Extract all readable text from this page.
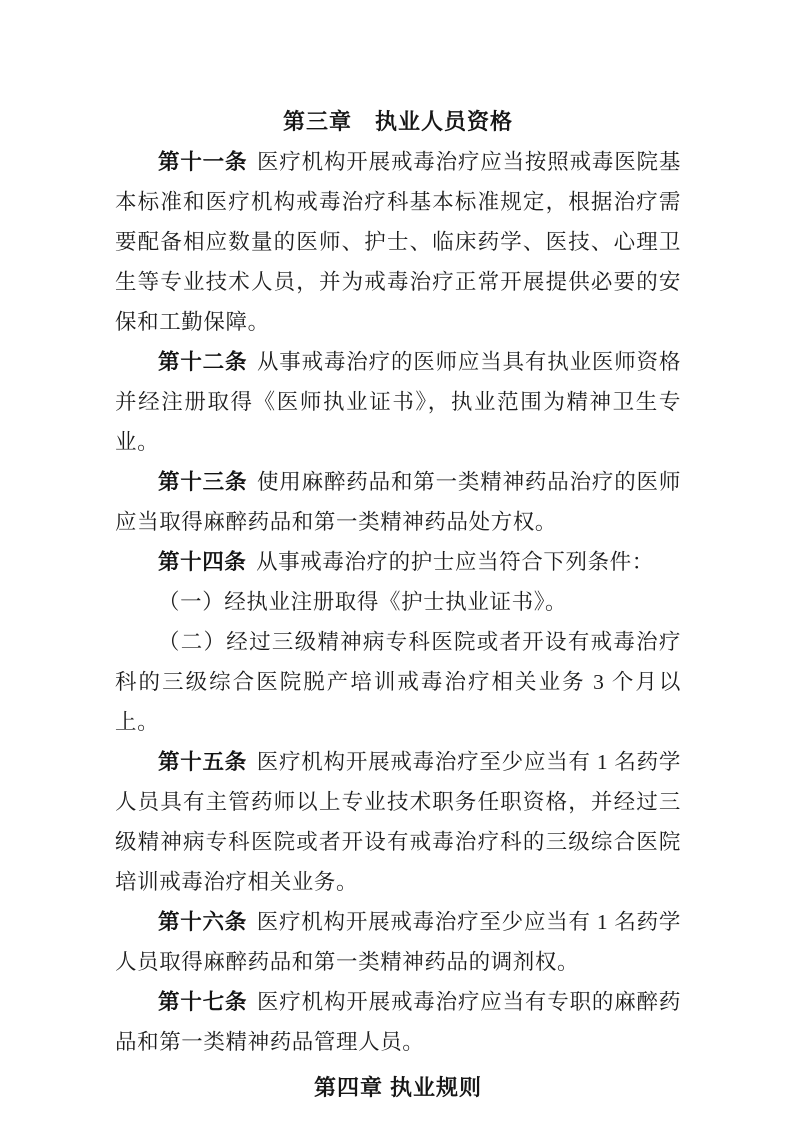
第三章　执业人员资格

第十一条 医疗机构开展戒毒治疗应当按照戒毒医院基本标准和医疗机构戒毒治疗科基本标准规定，根据治疗需要配备相应数量的医师、护士、临床药学、医技、心理卫生等专业技术人员，并为戒毒治疗正常开展提供必要的安保和工勤保障。

第十二条 从事戒毒治疗的医师应当具有执业医师资格并经注册取得《医师执业证书》，执业范围为精神卫生专业。

第十三条 使用麻醉药品和第一类精神药品治疗的医师应当取得麻醉药品和第一类精神药品处方权。

第十四条 从事戒毒治疗的护士应当符合下列条件：

（一）经执业注册取得《护士执业证书》。

（二）经过三级精神病专科医院或者开设有戒毒治疗科的三级综合医院脱产培训戒毒治疗相关业务 3 个月以上。

第十五条 医疗机构开展戒毒治疗至少应当有 1 名药学人员具有主管药师以上专业技术职务任职资格，并经过三级精神病专科医院或者开设有戒毒治疗科的三级综合医院培训戒毒治疗相关业务。

第十六条 医疗机构开展戒毒治疗至少应当有 1 名药学人员取得麻醉药品和第一类精神药品的调剂权。

第十七条 医疗机构开展戒毒治疗应当有专职的麻醉药品和第一类精神药品管理人员。

第四章 执业规则
